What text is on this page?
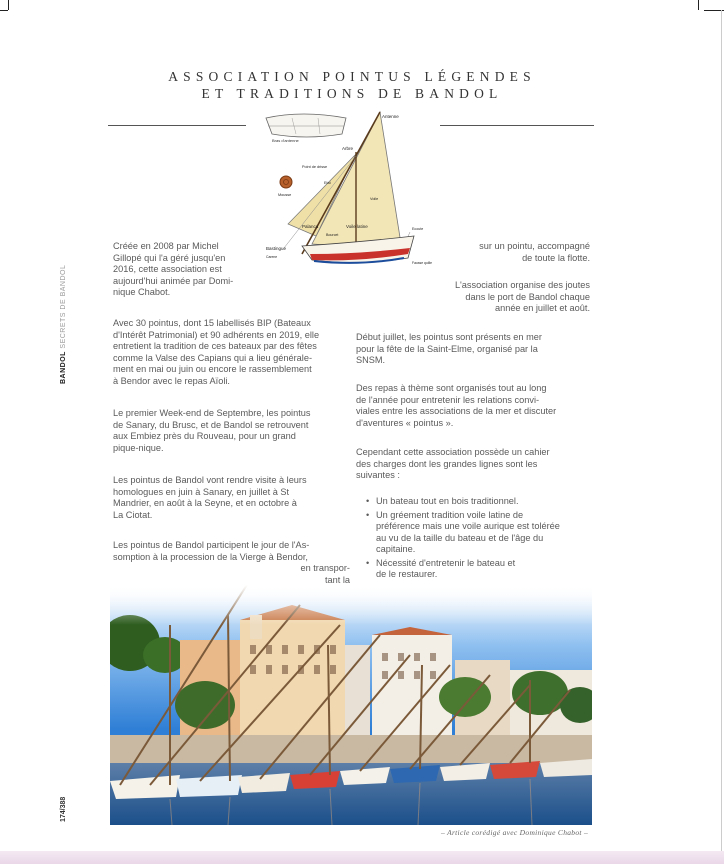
ASSOCIATION POINTUS LÉGENDES
ET TRADITIONS DE BANDOL
BANDOL SECRETS DE BANDOL
174/388
Bras d'antenne
Antenne
Arbre
Point de drisse
Mousse
Etai
Voile
Palanca	Voile latine	Ecoute
Bourcet
Bastingue
Carene
Fausse quille
Créée en 2008 par Michel
Gillopé qui l'a géré jusqu'en
2016, cette association est
aujourd'hui animée par Domi-
nique Chabot.
Avec 30 pointus, dont 15 labellisés BIP (Bateaux
d'Intérêt Patrimonial) et 90 adhérents en 2019, elle
entretient la tradition de ces bateaux par des fêtes
comme la Valse des Capians qui a lieu générale-
ment en mai ou juin ou encore le rassemblement
à Bendor avec le repas Aïoli.
Le premier Week-end de Septembre, les pointus
de Sanary, du Brusc, et de Bandol se retrouvent
aux Embiez près du Rouveau, pour un grand
pique-nique.
Les pointus de Bandol vont rendre visite à leurs
homologues en juin à Sanary, en juillet à St
Mandrier, en août à la Seyne, et en octobre à
La Ciotat.
Les pointus de Bandol participent le jour de l'As-
somption à la procession de la Vierge à Bendor,
en transpor-
tant la
sur un pointu, accompagné
de toute la flotte.
L'association organise des joutes
dans le port de Bandol chaque
année en juillet et août.
Début juillet, les pointus sont présents en mer
pour la fête de la Saint-Elme, organisé par la
SNSM.
Des repas à thème sont organisés tout au long
de l'année pour entretenir les relations convi-
viales entre les associations de la mer et discuter
d'aventures « pointus ».
Cependant cette association possède un cahier
des charges dont les grandes lignes sont les
suivantes :
• Un bateau tout en bois traditionnel.
• Un gréement tradition voile latine de préférence mais une voile aurique est tolérée au vu de la taille du bateau et de l'âge du capitaine.
• Nécessité d'entretenir le bateau et de le restaurer.
– Article corédigé avec Dominique Chabot –
